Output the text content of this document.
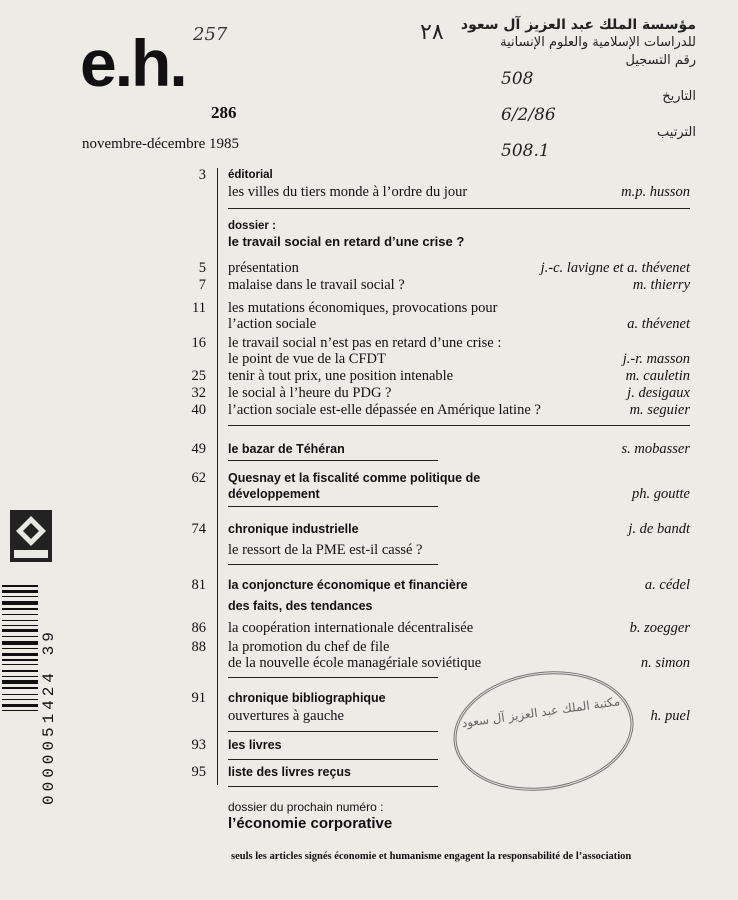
e.h.
286
novembre-décembre 1985
257	٢٨	مؤسسة الملك عبد العزيز آل سعود
للدراسات الإسلامية والعلوم الإنسانية
رقم التسجيل
508
التاريخ
6/2/86
الترتيب
508.1
مكتبة الملك عبد العزيز آل سعود
0000051424 39
3 éditorial
les villes du tiers monde à l’ordre du jour	m.p. husson
dossier :
le travail social en retard d’une crise ?
5 présentation	j.-c. lavigne et a. thévenet
7 malaise dans le travail social ?	m. thierry
11 les mutations économiques, provocations pour
l’action sociale	a. thévenet
16 le travail social n’est pas en retard d’une crise :
le point de vue de la CFDT	j.-r. masson
25 tenir à tout prix, une position intenable	m. cauletin
32 le social à l’heure du PDG ?	j. desigaux
40 l’action sociale est-elle dépassée en Amérique latine ?	m. seguier
49 le bazar de Téhéran	s. mobasser
62 Quesnay et la fiscalité comme politique de
développement	ph. goutte
74 chronique industrielle	j. de bandt
le ressort de la PME est-il cassé ?
81 la conjoncture économique et financière	a. cédel
des faits, des tendances
86 la coopération internationale décentralisée	b. zoegger
88 la promotion du chef de file
de la nouvelle école managériale soviétique	n. simon
91 chronique bibliographique
ouvertures à gauche	h. puel
93 les livres
95 liste des livres reçus
dossier du prochain numéro :
l’économie corporative
seuls les articles signés économie et humanisme engagent la responsabilité de l’association
